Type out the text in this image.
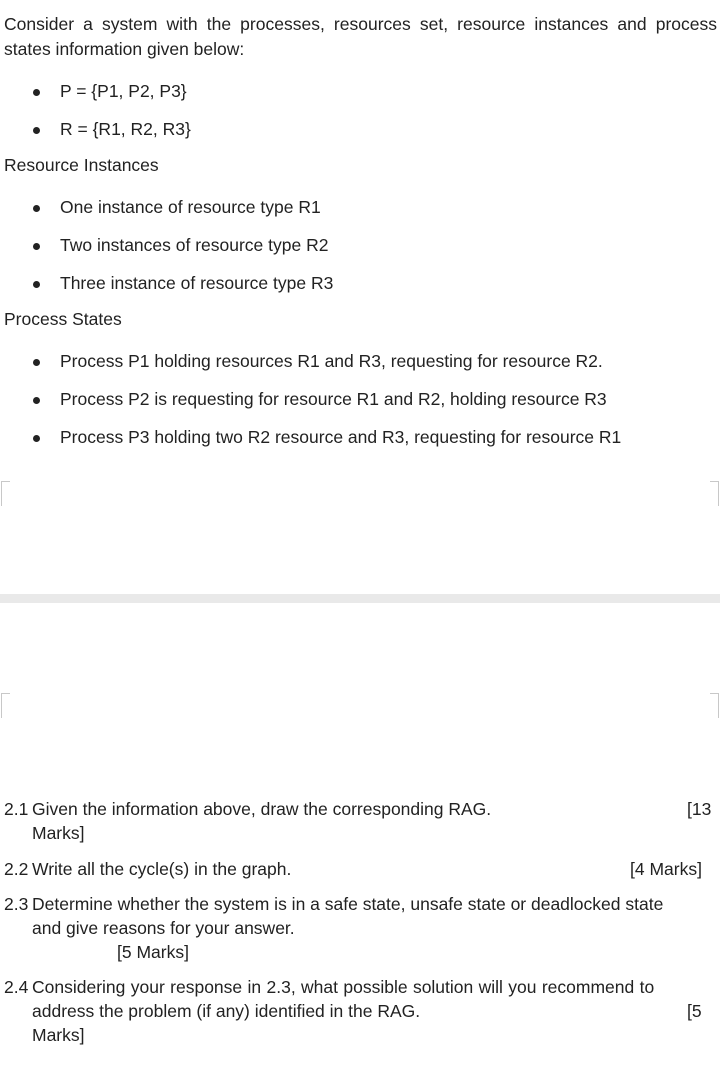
Consider a system with the processes, resources set, resource instances and process states information given below:

P = {P1, P2, P3}
R = {R1, R2, R3}
Resource Instances
One instance of resource type R1
Two instances of resource type R2
Three instance of resource type R3
Process States
Process P1 holding resources R1 and R3, requesting for resource R2.
Process P2 is requesting for resource R1 and R2, holding resource R3
Process P3 holding two R2 resource and R3, requesting for resource R1
2.1 Given the information above, draw the corresponding RAG.	[13
Marks]
2.2 Write all the cycle(s) in the graph.	[4 Marks]
2.3 Determine whether the system is in a safe state, unsafe state or deadlocked state and give reasons for your answer.
[5 Marks]
2.4 Considering your response in 2.3, what possible solution will you recommend to
address the problem (if any) identified in the RAG.	[5
Marks]
